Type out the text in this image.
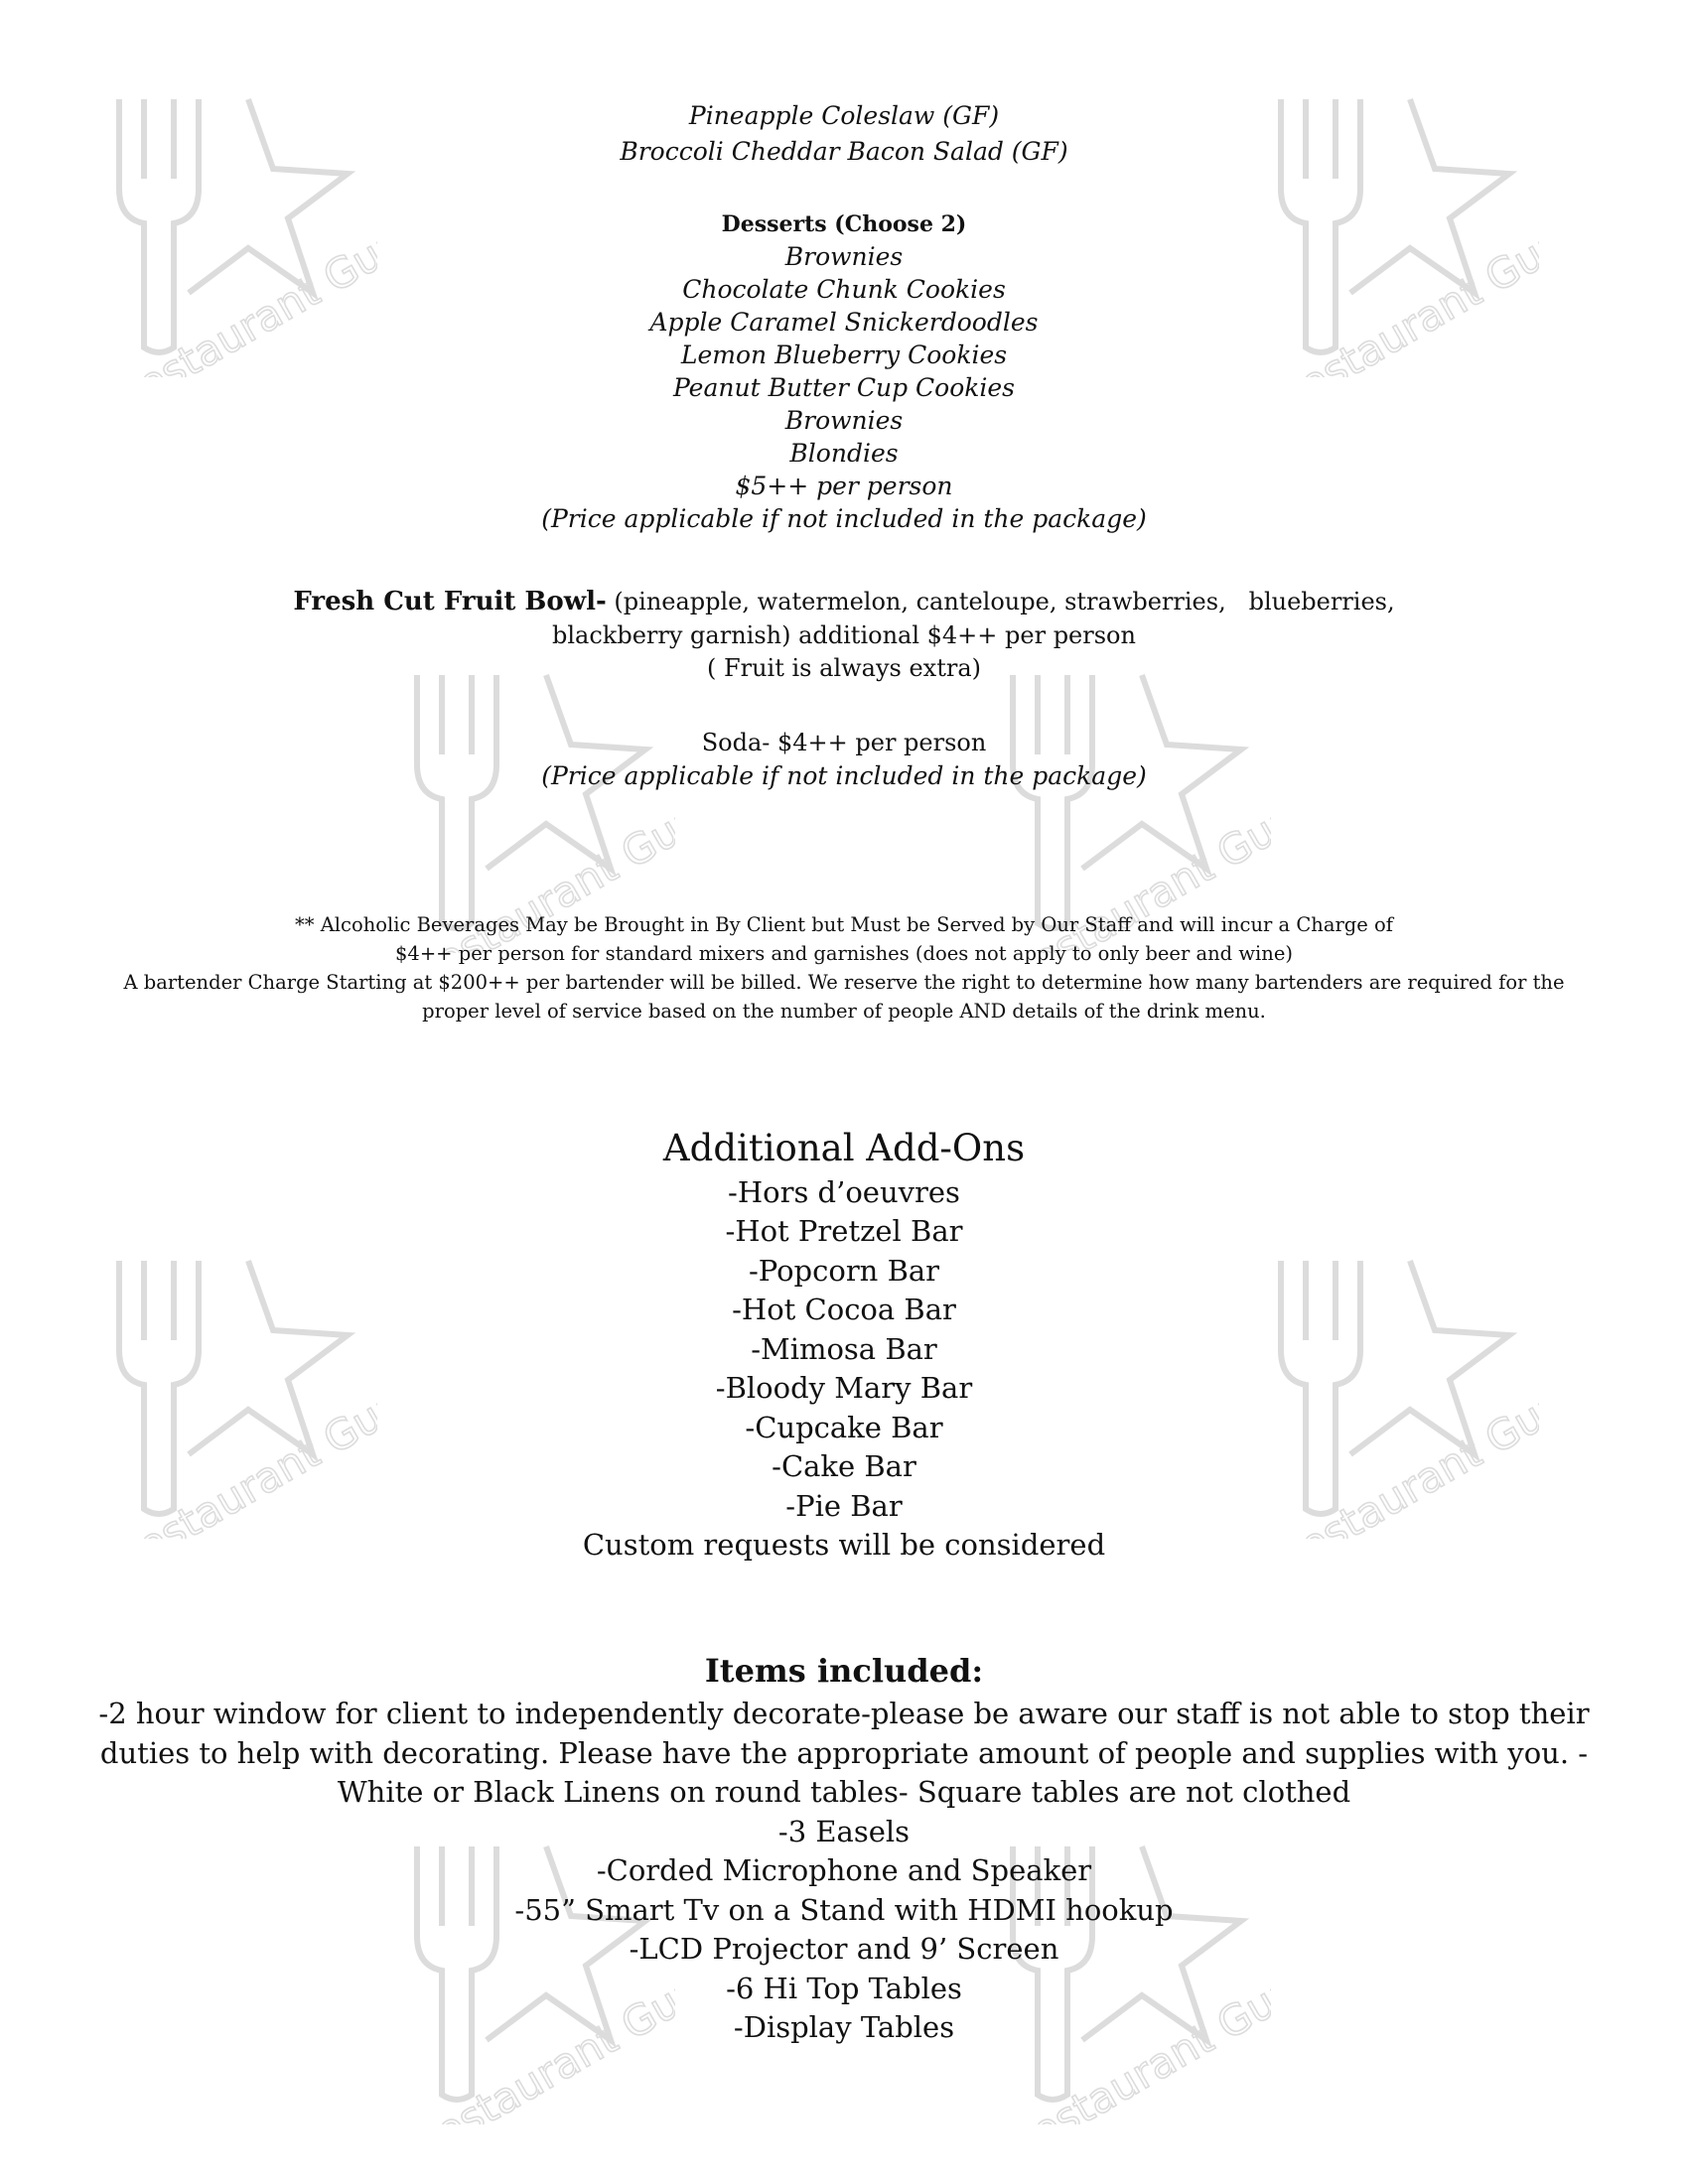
Restaurant Guru
Restaurant Guru
Restaurant Guru
Restaurant Guru
Restaurant Guru
Restaurant Guru
Restaurant Guru
Restaurant Guru
Pineapple Coleslaw (GF)
Broccoli Cheddar Bacon Salad (GF)
Desserts (Choose 2)
Brownies
Chocolate Chunk Cookies
Apple Caramel Snickerdoodles
Lemon Blueberry Cookies
Peanut Butter Cup Cookies
Brownies
Blondies
$5++ per person
(Price applicable if not included in the package)
Fresh Cut Fruit Bowl- (pineapple, watermelon, canteloupe, strawberries,   blueberries,
blackberry garnish) additional $4++ per person
( Fruit is always extra)
Soda- $4++ per person
(Price applicable if not included in the package)
** Alcoholic Beverages May be Brought in By Client but Must be Served by Our Staff and will incur a Charge of
$4++ per person for standard mixers and garnishes (does not apply to only beer and wine)
A bartender Charge Starting at $200++ per bartender will be billed. We reserve the right to determine how many bartenders are required for the
proper level of service based on the number of people AND details of the drink menu.
Additional Add-Ons
-Hors d’oeuvres
-Hot Pretzel Bar
-Popcorn Bar
-Hot Cocoa Bar
-Mimosa Bar
-Bloody Mary Bar
-Cupcake Bar
-Cake Bar
-Pie Bar
Custom requests will be considered
Items included:
-2 hour window for client to independently decorate-please be aware our staff is not able to stop their
duties to help with decorating. Please have the appropriate amount of people and supplies with you. -
White or Black Linens on round tables- Square tables are not clothed
-3 Easels
-Corded Microphone and Speaker
-55” Smart Tv on a Stand with HDMI hookup
-LCD Projector and 9’ Screen
-6 Hi Top Tables
-Display Tables
